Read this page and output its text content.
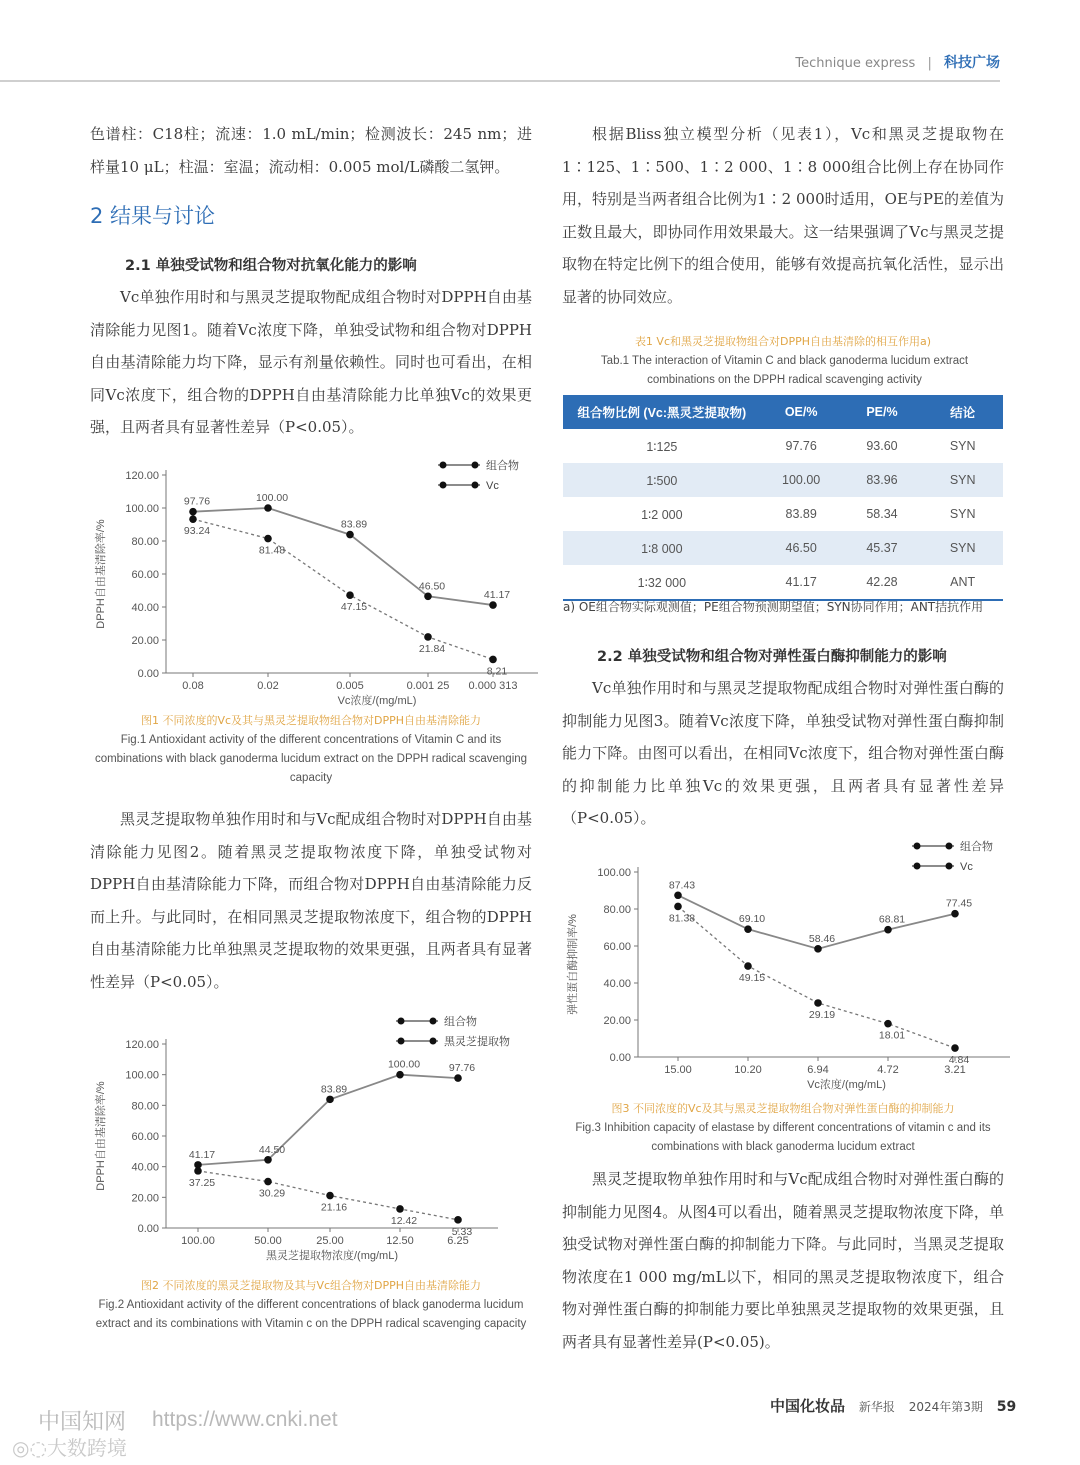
Technique express | 科技广场

色谱柱：C18柱；流速：1.0 mL/min；检测波长：245 nm；进样量10 μL；柱温：室温；流动相：0.005 mol/L磷酸二氢钾。

2 结果与讨论
2.1 单独受试物和组合物对抗氧化能力的影响

Vc单独作用时和与黑灵芝提取物配成组合物时对DPPH自由基清除能力见图1。随着Vc浓度下降，单独受试物和组合物对DPPH自由基清除能力均下降，显示有剂量依赖性。同时也可看出，在相同Vc浓度下，组合物的DPPH自由基清除能力比单独Vc的效果更强，且两者具有显著性差异（P<0.05）。

0.00
20.00
40.00
60.00
80.00
100.00
120.00
0.08	0.02	0.005	0.001 25 0.000 313
Vc浓度/(mg/mL)
DPPH自由基清除率/%
97.76	100.00
83.89
46.50
41.17
组合物
93.24
81.48
47.15
21.84
8.21
Vc
图1 不同浓度的Vc及其与黑灵芝提取物组合物对DPPH自由基清除能力
Fig.1 Antioxidant activity of the different concentrations of Vitamin C and its combinations with black ganoderma lucidum extract on the DPPH radical scavenging capacity

黑灵芝提取物单独作用时和与Vc配成组合物时对DPPH自由基清除能力见图2。随着黑灵芝提取物浓度下降，单独受试物对DPPH自由基清除能力下降，而组合物对DPPH自由基清除能力反而上升。与此同时，在相同黑灵芝提取物浓度下，组合物的DPPH自由基清除能力比单独黑灵芝提取物的效果更强，且两者具有显著性差异（P<0.05）。

0.00
20.00
40.00
60.00
80.00
100.00
120.00
100.00	50.00	25.00	12.50	6.25
黑灵芝提取物浓度/(mg/mL)
DPPH自由基清除率/%	41.17	44.50
83.89
100.00	97.76
组合物
37.25
30.29
21.16
12.42
5.33
黑灵芝提取物
图2 不同浓度的黑灵芝提取物及其与Vc组合物对DPPH自由基清除能力
Fig.2 Antioxidant activity of the different concentrations of black ganoderma lucidum extract and its combinations with Vitamin c on the DPPH radical scavenging capacity

根据Bliss独立模型分析（见表1），Vc和黑灵芝提取物在1∶125、1∶500、1∶2 000、1∶8 000组合比例上存在协同作用，特别是当两者组合比例为1∶2 000时适用，OE与PE的差值为正数且最大，即协同作用效果最大。这一结果强调了Vc与黑灵芝提取物在特定比例下的组合使用，能够有效提高抗氧化活性，显示出显著的协同效应。

表1 Vc和黑灵芝提取物组合对DPPH自由基清除的相互作用a)
Tab.1 The interaction of Vitamin C and black ganoderma lucidum extract combinations on the DPPH radical scavenging activity
组合物比例 (Vc:黑灵芝提取物)	OE/%	PE/%	结论
1∶125	97.76	93.60	SYN
1∶500	100.00	83.96	SYN
1∶2 000	83.89	58.34	SYN
1∶8 000	46.50	45.37	SYN
1∶32 000	41.17	42.28	ANT
a) OE组合物实际观测值；PE组合物预测期望值；SYN协同作用；ANT拮抗作用
2.2 单独受试物和组合物对弹性蛋白酶抑制能力的影响

Vc单独作用时和与黑灵芝提取物配成组合物时对弹性蛋白酶的抑制能力见图3。随着Vc浓度下降，单独受试物对弹性蛋白酶抑制能力下降。由图可以看出，在相同Vc浓度下，组合物对弹性蛋白酶的抑制能力比单独Vc的效果更强，且两者具有显著性差异（P<0.05）。

0.00
20.00
40.00
60.00
80.00
100.00
15.00	10.20	6.94	4.72	3.21
Vc浓度/(mg/mL)
弹性蛋白酶抑制率/%
87.43
69.10
58.46
68.81
77.45
组合物
81.38
49.15
29.19
18.01
4.84
Vc
图3 不同浓度的Vc及其与黑灵芝提取物组合物对弹性蛋白酶的抑制能力
Fig.3 Inhibition capacity of elastase by different concentrations of vitamin c and its combinations with black ganoderma lucidum extract

黑灵芝提取物单独作用时和与Vc配成组合物时对弹性蛋白酶的抑制能力见图4。从图4可以看出，随着黑灵芝提取物浓度下降，单独受试物对弹性蛋白酶的抑制能力下降。与此同时，当黑灵芝提取物浓度在1 000 mg/mL以下，相同的黑灵芝提取物浓度下，组合物对弹性蛋白酶的抑制能力要比单独黑灵芝提取物的效果更强，且两者具有显著性差异(P<0.05)。

中国化妆品 新华报 2024年第3期 59
中国知网 https://www.cnki.net
◎◌大数跨境
